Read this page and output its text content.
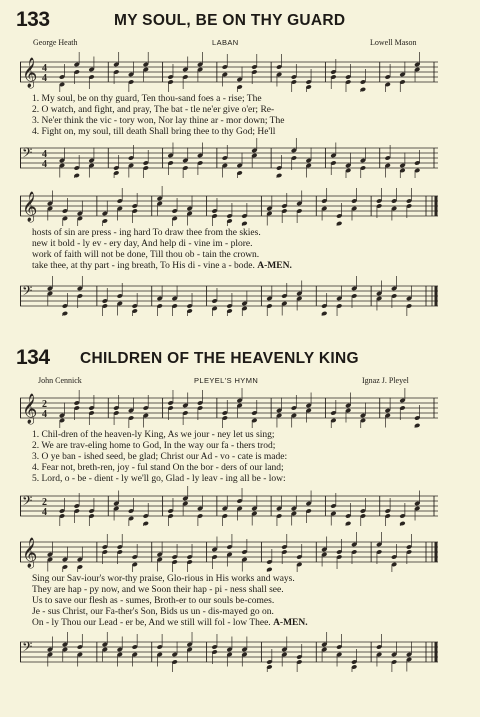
133	MY SOUL, BE ON THY GUARD
George Heath	LABAN	Lowell Mason
𝄞 4
4
1. My soul, be on thy guard, Ten thou-sand foes a - rise; The
2. O watch, and fight, and pray, The bat - tle ne'er give o'er; Re-
3. Ne'er think the vic - tory won, Nor lay thine ar - mor down; The
4. Fight on, my soul, till death Shall bring thee to thy God; He'll
𝄢 4
4
𝄞
hosts of sin are press - ing hard To draw thee from the skies.
new it bold - ly ev - ery day, And help di - vine im - plore.
work of faith will not be done, Till thou ob - tain the crown.
take thee, at thy part - ing breath, To His di - vine a - bode. A-MEN.
𝄢
134 CHILDREN OF THE HEAVENLY KING
John Cennick	PLEYEL'S HYMN	Ignaz J. Pleyel
𝄞 2
4
1. Chil-dren of the heaven-ly King, As we jour - ney let us sing;
2. We are trav-eling home to God, In the way our fa - thers trod;
3. O ye ban - ished seed, be glad; Christ our Ad - vo - cate is made:
4. Fear not, breth-ren, joy - ful stand On the bor - ders of our land;
5. Lord, o - be - dient - ly we'll go, Glad - ly leav - ing all be - low:
𝄢 2
4
𝄞
Sing our Sav-iour's wor-thy praise, Glo-rious in His works and ways.
They are hap - py now, and we Soon their hap - pi - ness shall see.
Us to save our flesh as - sumes, Broth-er to our souls be-comes.
Je - sus Christ, our Fa-ther's Son, Bids us un - dis-mayed go on.
On - ly Thou our Lead - er be, And we still will fol - low Thee. A-MEN.
𝄢
